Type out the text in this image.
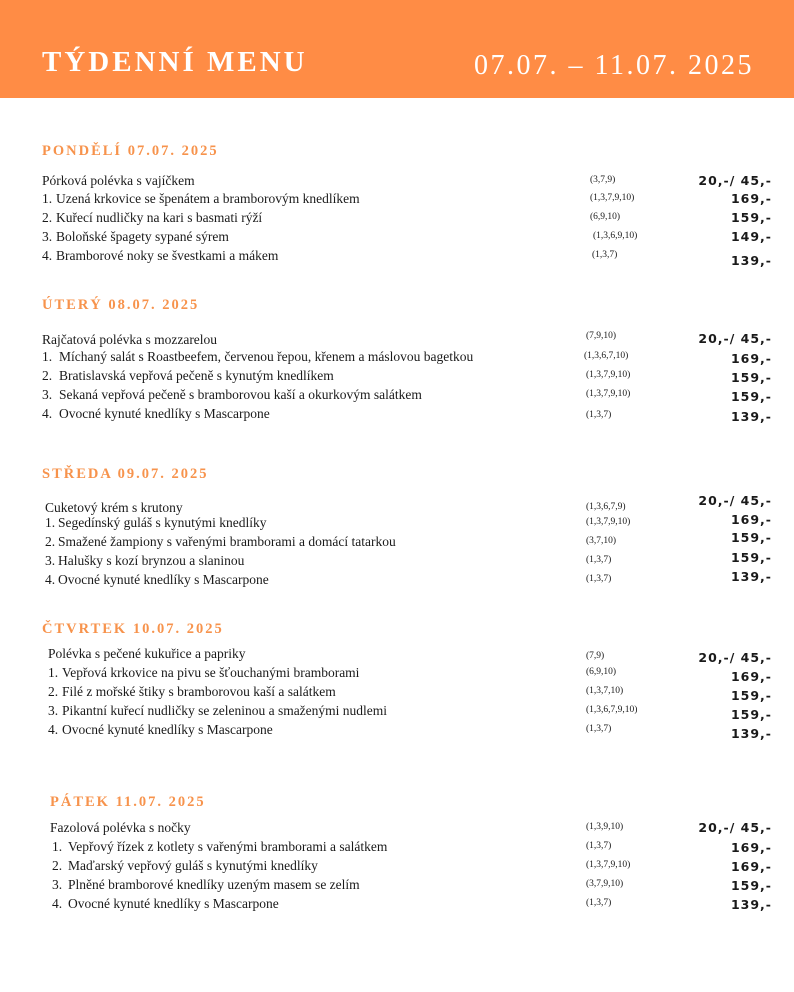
TÝDENNÍ MENU	07.07. – 11.07. 2025
PONDĚLÍ 07.07. 2025
Pórková polévka s vajíčkem	(3,7,9)	20,-/ 45,-
1. Uzená krkovice se špenátem a bramborovým knedlíkem	(1,3,7,9,10)	169,-
2. Kuřecí nudličky na kari s basmati rýží	(6,9,10)	159,-
3. Boloňské špagety sypané sýrem	(1,3,6,9,10)	149,-
4. Bramborové noky se švestkami a mákem	(1,3,7)	139,-
ÚTERÝ 08.07. 2025
Rajčatová polévka s mozzarelou	(7,9,10)	20,-/ 45,-
1. Míchaný salát s Roastbeefem, červenou řepou, křenem a máslovou bagetkou	(1,3,6,7,10)	169,-
2. Bratislavská vepřová pečeně s kynutým knedlíkem	(1,3,7,9,10)	159,-
3. Sekaná vepřová pečeně s bramborovou kaší a okurkovým salátkem	(1,3,7,9,10)	159,-
4. Ovocné kynuté knedlíky s Mascarpone	(1,3,7)	139,-
STŘEDA 09.07. 2025
Cuketový krém s krutony	(1,3,6,7,9)	20,-/ 45,-
1. Segedínský guláš s kynutými knedlíky	(1,3,7,9,10)	169,-
2. Smažené žampiony s vařenými bramborami a domácí tatarkou	(3,7,10)	159,-
3. Halušky s kozí brynzou a slaninou	(1,3,7)	159,-
4. Ovocné kynuté knedlíky s Mascarpone	(1,3,7)	139,-
ČTVRTEK 10.07. 2025
Polévka s pečené kukuřice a papriky	(7,9)	20,-/ 45,-
1. Vepřová krkovice na pivu se šťouchanými bramborami	(6,9,10)	169,-
2. Filé z mořské štiky s bramborovou kaší a salátkem	(1,3,7,10)	159,-
3. Pikantní kuřecí nudličky se zeleninou a smaženými nudlemi	(1,3,6,7,9,10)	159,-
4. Ovocné kynuté knedlíky s Mascarpone	(1,3,7)	139,-
PÁTEK 11.07. 2025
Fazolová polévka s nočky	(1,3,9,10)	20,-/ 45,-
1. Vepřový řízek z kotlety s vařenými bramborami a salátkem	(1,3,7)	169,-
2. Maďarský vepřový guláš s kynutými knedlíky	(1,3,7,9,10)	169,-
3. Plněné bramborové knedlíky uzeným masem se zelím	(3,7,9,10)	159,-
4. Ovocné kynuté knedlíky s Mascarpone	(1,3,7)	139,-
